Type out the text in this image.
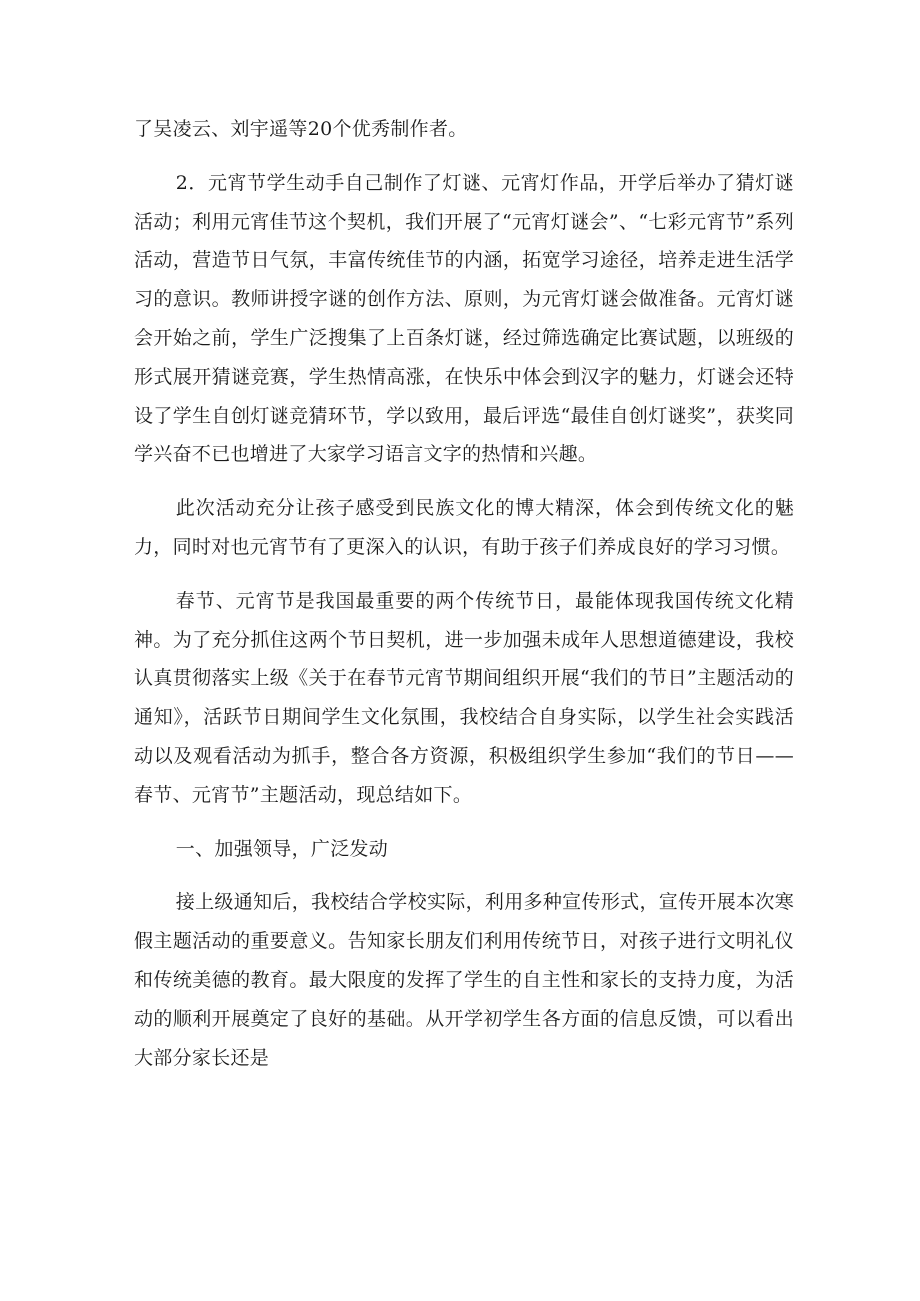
了吴凌云、刘宇遥等20个优秀制作者。

2．元宵节学生动手自己制作了灯谜、元宵灯作品，开学后举办了猜灯谜活动；利用元宵佳节这个契机，我们开展了“元宵灯谜会”、“七彩元宵节”系列活动，营造节日气氛，丰富传统佳节的内涵，拓宽学习途径，培养走进生活学习的意识。教师讲授字谜的创作方法、原则，为元宵灯谜会做准备。元宵灯谜会开始之前，学生广泛搜集了上百条灯谜，经过筛选确定比赛试题，以班级的形式展开猜谜竞赛，学生热情高涨，在快乐中体会到汉字的魅力，灯谜会还特设了学生自创灯谜竞猜环节，学以致用，最后评选“最佳自创灯谜奖”，获奖同学兴奋不已也增进了大家学习语言文字的热情和兴趣。

此次活动充分让孩子感受到民族文化的博大精深，体会到传统文化的魅力，同时对也元宵节有了更深入的认识，有助于孩子们养成良好的学习习惯。

春节、元宵节是我国最重要的两个传统节日，最能体现我国传统文化精神。为了充分抓住这两个节日契机，进一步加强未成年人思想道德建设，我校认真贯彻落实上级《关于在春节元宵节期间组织开展“我们的节日”主题活动的通知》，活跃节日期间学生文化氛围，我校结合自身实际，以学生社会实践活动以及观看活动为抓手，整合各方资源，积极组织学生参加“我们的节日——春节、元宵节”主题活动，现总结如下。

一、加强领导，广泛发动

接上级通知后，我校结合学校实际，利用多种宣传形式，宣传开展本次寒假主题活动的重要意义。告知家长朋友们利用传统节日，对孩子进行文明礼仪和传统美德的教育。最大限度的发挥了学生的自主性和家长的支持力度，为活动的顺利开展奠定了良好的基础。从开学初学生各方面的信息反馈，可以看出大部分家长还是
